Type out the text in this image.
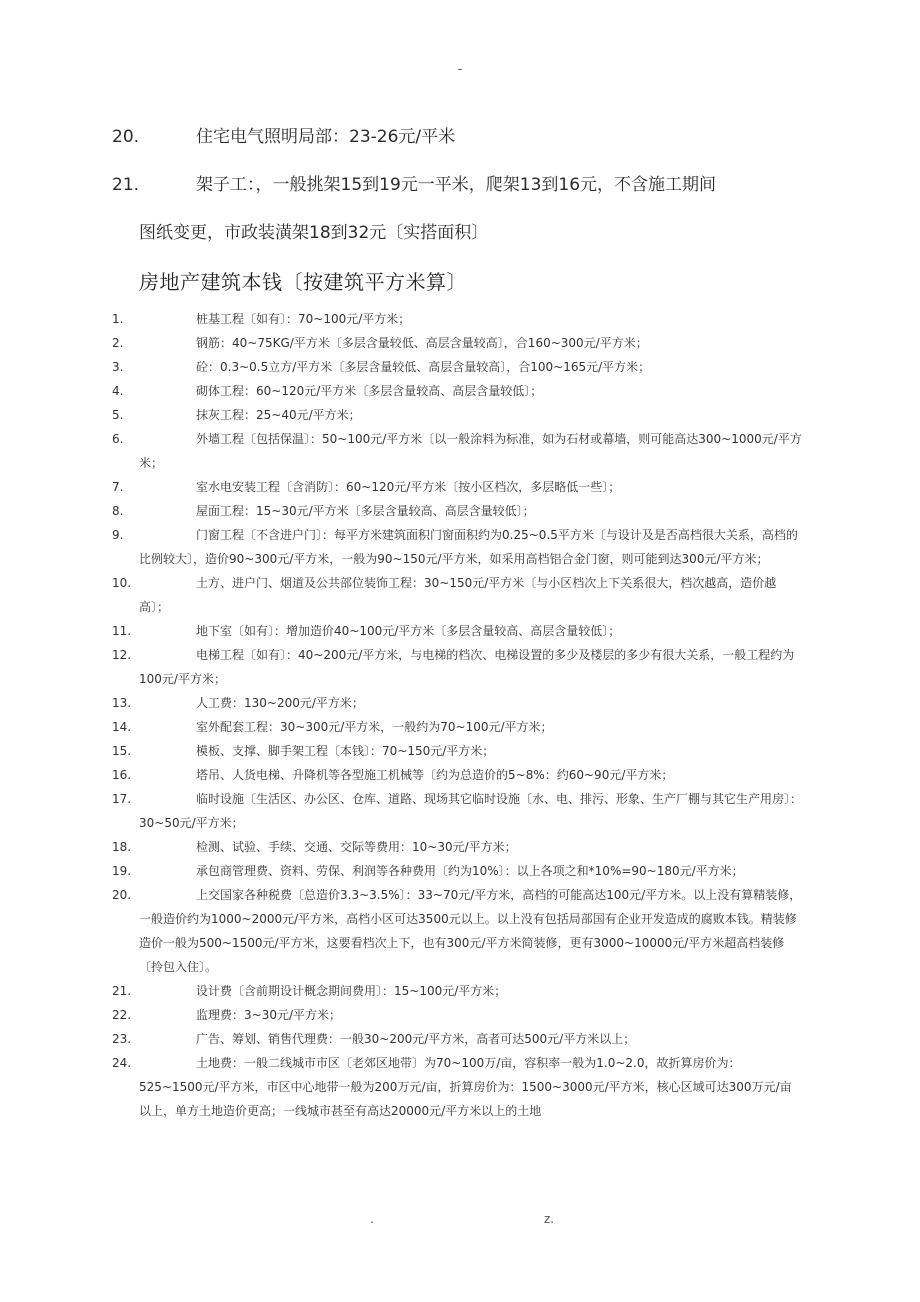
-
20.	住宅电气照明局部：23-26元/平米
21.	架子工：，一般挑架15到19元一平米，爬架13到16元，不含施工期间
图纸变更，市政装潢架18到32元〔实搭面积〕
房地产建筑本钱〔按建筑平方米算〕
1.	桩基工程〔如有〕：70~100元/平方米；
2.	钢筋：40~75KG/平方米〔多层含量较低、高层含量较高〕，合160~300元/平方米；
3.	砼：0.3~0.5立方/平方米〔多层含量较低、高层含量较高〕，合100~165元/平方米；
4.	砌体工程：60~120元/平方米〔多层含量较高、高层含量较低〕；
5.	抹灰工程：25~40元/平方米；
6.	外墙工程〔包括保温〕：50~100元/平方米〔以一般涂料为标准，如为石材或幕墙，则可能高达300~1000元/平方米；
7.	室水电安装工程〔含消防〕：60~120元/平方米〔按小区档次，多层略低一些〕；
8.	屋面工程：15~30元/平方米〔多层含量较高、高层含量较低〕；
9.	门窗工程〔不含进户门〕：每平方米建筑面积门窗面积约为0.25~0.5平方米〔与设计及是否高档很大关系，高档的比例较大〕，造价90~300元/平方米，一般为90~150元/平方米，如采用高档铝合金门窗，则可能到达300元/平方米；
10.	土方、进户门、烟道及公共部位装饰工程：30~150元/平方米〔与小区档次上下关系很大，档次越高，造价越高〕；
11.	地下室〔如有〕：增加造价40~100元/平方米〔多层含量较高、高层含量较低〕；
12.	电梯工程〔如有〕：40~200元/平方米，与电梯的档次、电梯设置的多少及楼层的多少有很大关系，一般工程约为100元/平方米；
13.	人工费：130~200元/平方米；
14.	室外配套工程：30~300元/平方米，一般约为70~100元/平方米；
15.	模板、支撑、脚手架工程〔本钱〕：70~150元/平方米；
16.	塔吊、人货电梯、升降机等各型施工机械等〔约为总造价的5~8%：约60~90元/平方米；
17.	临时设施〔生活区、办公区、仓库、道路、现场其它临时设施〔水、电、排污、形象、生产厂棚与其它生产用房〕：30~50元/平方米；
18.	检测、试验、手续、交通、交际等费用：10~30元/平方米；
19.	承包商管理费、资料、劳保、利润等各种费用〔约为10%〕：以上各项之和*10%=90~180元/平方米；
20.	上交国家各种税费〔总造价3.3~3.5%〕：33~70元/平方米，高档的可能高达100元/平方米。以上没有算精装修，一般造价约为1000~2000元/平方米，高档小区可达3500元以上。以上没有包括局部国有企业开发造成的腐败本钱。精装修造价一般为500~1500元/平方米，这要看档次上下，也有300元/平方米简装修，更有3000~10000元/平方米超高档装修〔拎包入住〕。
21.	设计费〔含前期设计概念期间费用〕：15~100元/平方米；
22.	监理费：3~30元/平方米；
23.	广告、筹划、销售代理费：一般30~200元/平方米，高者可达500元/平方米以上；
24.	土地费：一般二线城市市区〔老郊区地带〕为70~100万/亩，容积率一般为1.0~2.0，故折算房价为：525~1500元/平方米，市区中心地带一般为200万元/亩，折算房价为：1500~3000元/平方米，核心区域可达300万元/亩以上，单方土地造价更高；一线城市甚至有高达20000元/平方米以上的土地
.	z.
